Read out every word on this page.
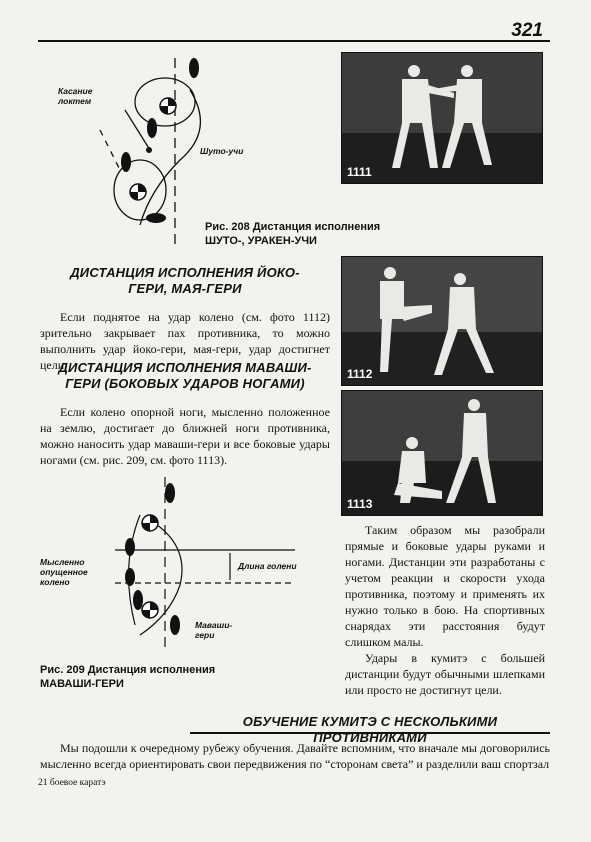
321
Касание локтем
Шуто-учи
1111
Рис. 208 Дистанция исполнения ШУТО-, УРАКЕН-УЧИ
ДИСТАНЦИЯ ИСПОЛНЕНИЯ ЙОКО-ГЕРИ, МАЯ-ГЕРИ

Если поднятое на удар колено (см. фото 1112) зрительно закрывает пах противника, то можно выполнить удар йоко-гери, мая-гери, удар достигнет цели.

1112
ДИСТАНЦИЯ ИСПОЛНЕНИЯ МАВАШИ-ГЕРИ (БОКОВЫХ УДАРОВ НОГАМИ)

Если колено опорной ноги, мысленно положенное на землю, достигает до ближней ноги противника, можно наносить удар маваши-гери и все боковые удары ногами (см. рис. 209, см. фото 1113).

1113
Мысленно опущенное колено
Длина голени
Маваши-гери
Рис. 209 Дистанция исполнения МАВАШИ-ГЕРИ

Таким образом мы разобрали прямые и боковые удары руками и ногами. Дистанции эти разработаны с учетом реакции и скорости ухода противника, поэтому и применять их нужно только в бою. На спортивных снарядах эти расстояния будут слишком малы.

Удары в кумитэ с большей дистанции будут обычными шлепками или просто не достигнут цели.

ОБУЧЕНИЕ КУМИТЭ С НЕСКОЛЬКИМИ ПРОТИВНИКАМИ

Мы подошли к очередному рубежу обучения. Давайте вспомним, что вначале мы договорились мысленно всегда ориентировать свои передвижения по “сторонам света” и разделили ваш спортзал

21 боевое каратэ
